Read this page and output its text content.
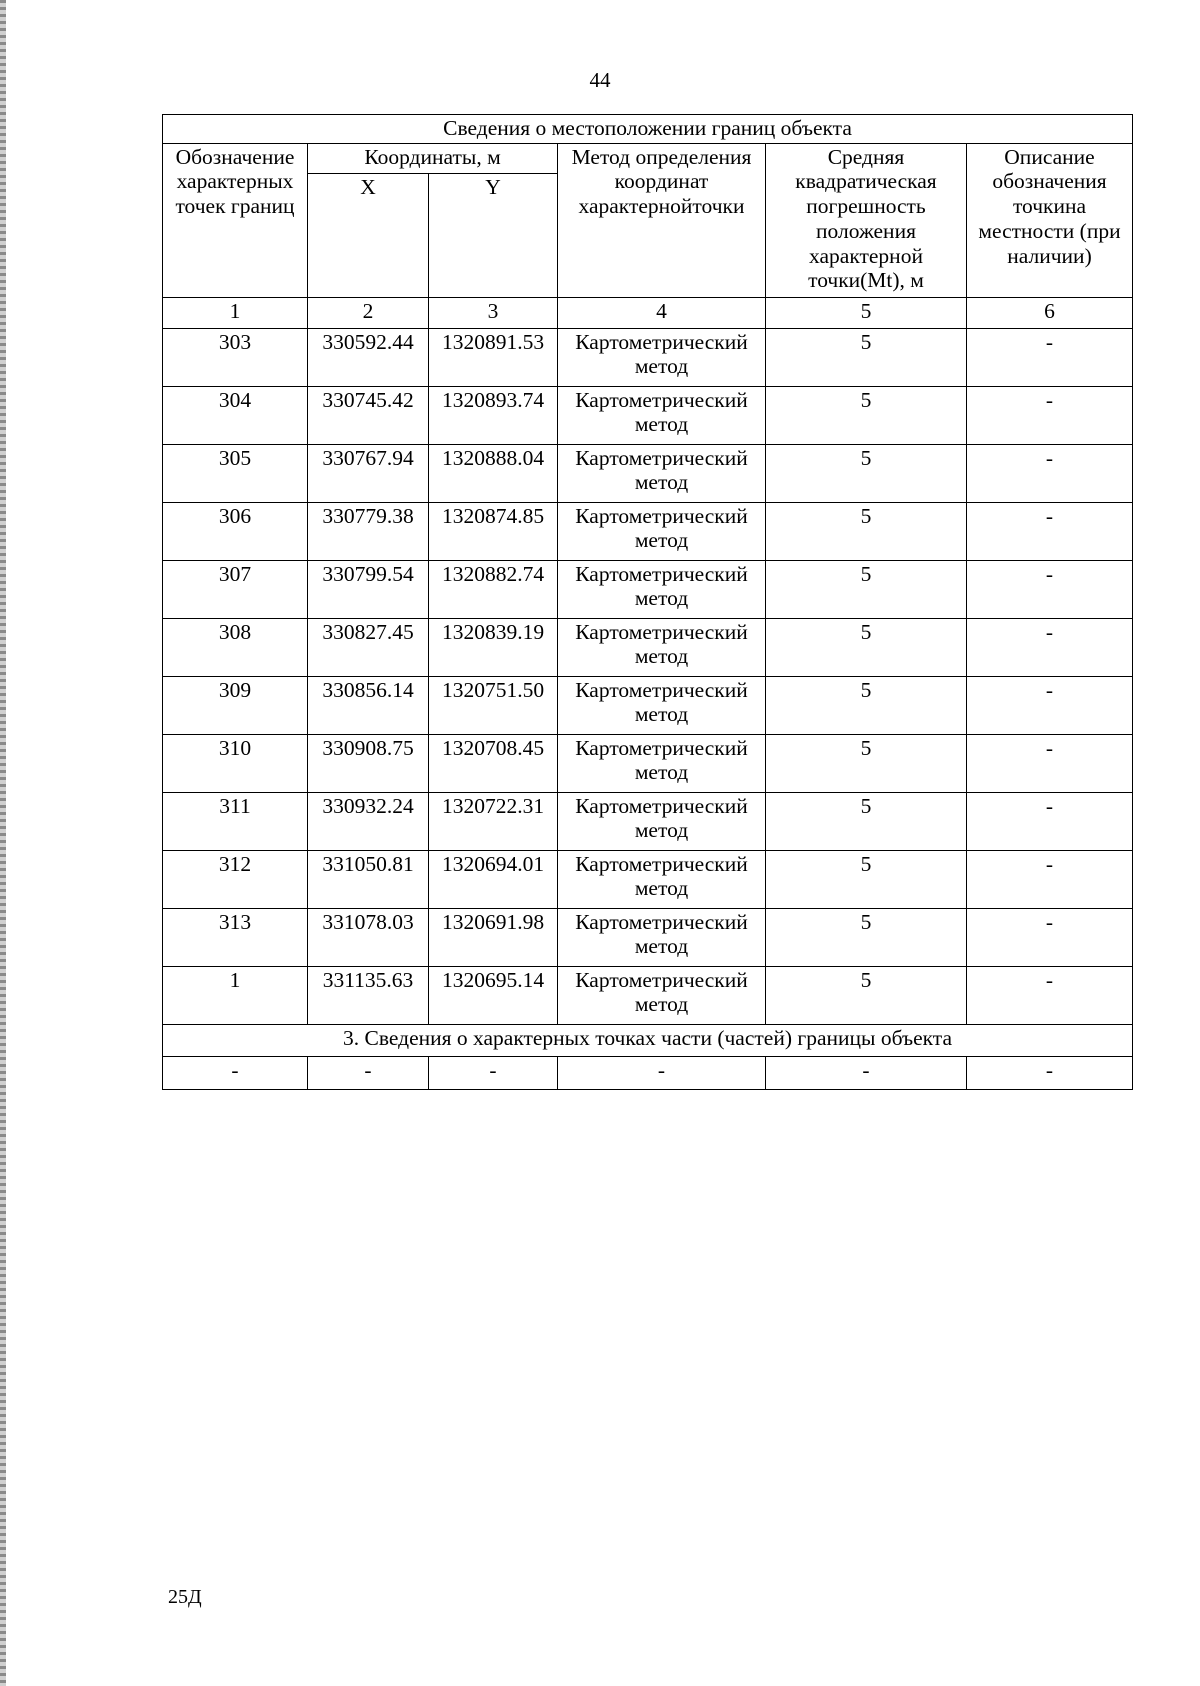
44
Сведения о местоположении границ объекта					
Обозначение характерных точек границ	Координаты, м		Метод определения координат характернойточки	Средняя квадратическая погрешность положения характерной точки(Mt), м	Описание обозначения точкина местности (при наличии)
	X	Y			
1	2	3	4	5	6
303	330592.44	1320891.53	Картометрический метод	5	-
304	330745.42	1320893.74	Картометрический метод	5	-
305	330767.94	1320888.04	Картометрический метод	5	-
306	330779.38	1320874.85	Картометрический метод	5	-
307	330799.54	1320882.74	Картометрический метод	5	-
308	330827.45	1320839.19	Картометрический метод	5	-
309	330856.14	1320751.50	Картометрический метод	5	-
310	330908.75	1320708.45	Картометрический метод	5	-
311	330932.24	1320722.31	Картометрический метод	5	-
312	331050.81	1320694.01	Картометрический метод	5	-
313	331078.03	1320691.98	Картометрический метод	5	-
1	331135.63	1320695.14	Картометрический метод	5	-
3. Сведения о характерных точках части (частей) границы объекта					
-	-	-	-	-	-
25Д
